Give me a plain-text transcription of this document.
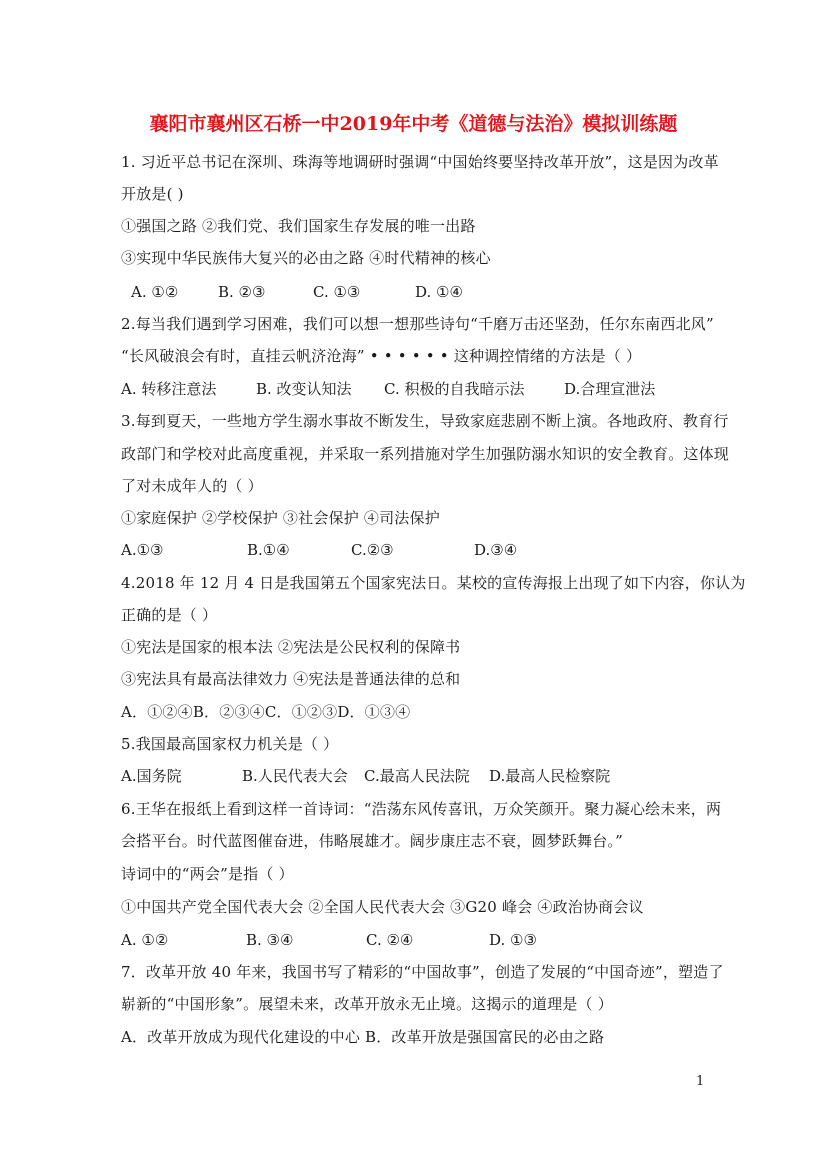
襄阳市襄州区石桥一中2019年中考《道德与法治》模拟训练题
1. 习近平总书记在深圳、珠海等地调研时强调“中国始终要坚持改革开放”，这是因为改革
开放是( )
①强国之路 ②我们党、我们国家生存发展的唯一出路
③实现中华民族伟大复兴的必由之路 ④时代精神的核心
A. ①②	B. ②③	C. ①③	D. ①④
2.每当我们遇到学习困难，我们可以想一想那些诗句“千磨万击还坚劲，任尔东南西北风”
“长风破浪会有时，直挂云帆济沧海” • • • • • • 这种调控情绪的方法是（ ）
A. 转移注意法	B. 改变认知法 C. 积极的自我暗示法	D.合理宣泄法
3.每到夏天，一些地方学生溺水事故不断发生，导致家庭悲剧不断上演。各地政府、教育行
政部门和学校对此高度重视，并采取一系列措施对学生加强防溺水知识的安全教育。这体现
了对未成年人的（ ）
①家庭保护 ②学校保护 ③社会保护 ④司法保护
A.①③	B.①④	C.②③	D.③④
4.2018 年 12 月 4 日是我国第五个国家宪法日。某校的宣传海报上出现了如下内容，你认为
正确的是（ ）
①宪法是国家的根本法 ②宪法是公民权利的保障书
③宪法具有最高法律效力 ④宪法是普通法律的总和
A．①②④B．②③④C．①②③D．①③④
5.我国最高国家权力机关是（ ）
A.国务院	B.人民代表大会 C.最高人民法院 D.最高人民检察院
6.王华在报纸上看到这样一首诗词：“浩荡东风传喜讯，万众笑颜开。聚力凝心绘未来，两
会搭平台。时代蓝图催奋进，伟略展雄才。阔步康庄志不衰，圆梦跃舞台。”
诗词中的“两会”是指（ ）
①中国共产党全国代表大会 ②全国人民代表大会 ③G20 峰会 ④政治协商会议
A. ①②	B. ③④	C. ②④	D. ①③
7．改革开放 40 年来，我国书写了精彩的“中国故事”，创造了发展的“中国奇迹”，塑造了
崭新的“中国形象”。展望未来，改革开放永无止境。这揭示的道理是（ ）
A．改革开放成为现代化建设的中心 B．改革开放是强国富民的必由之路
1
